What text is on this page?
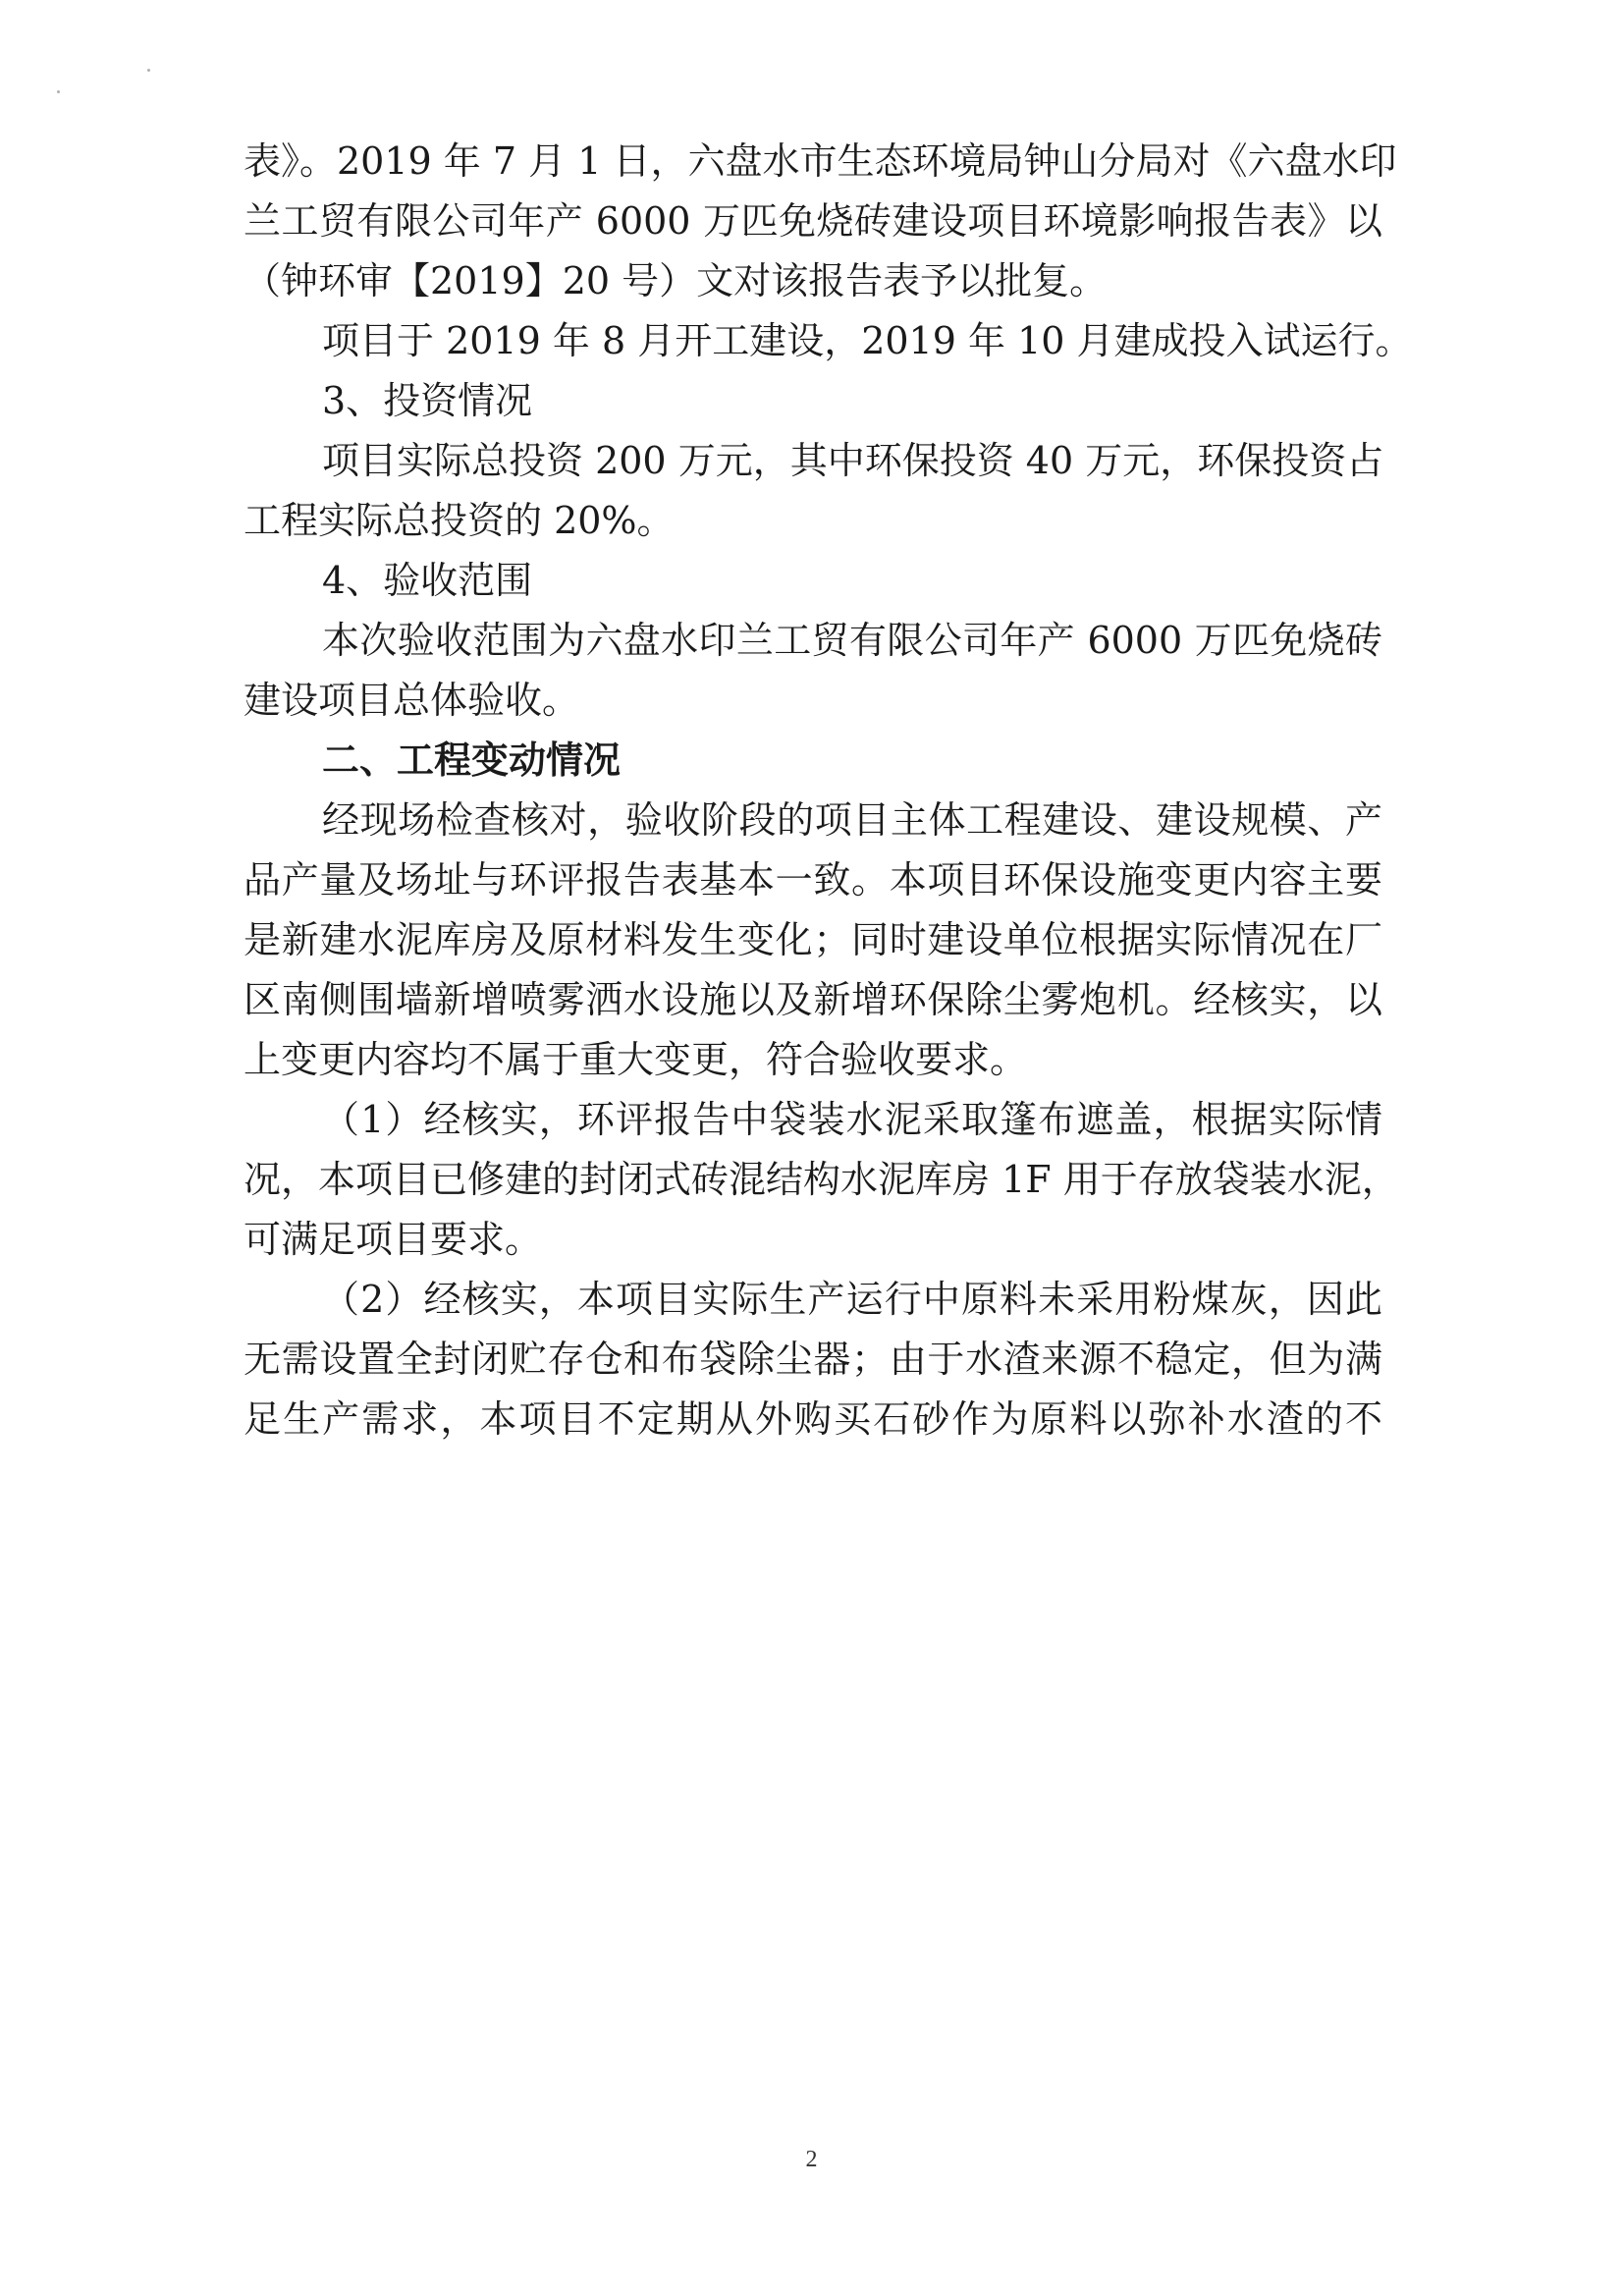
表》。2019 年 7 月 1 日，六盘水市生态环境局钟山分局对《六盘水印
兰工贸有限公司年产 6000 万匹免烧砖建设项目环境影响报告表》以
（钟环审【2019】20 号）文对该报告表予以批复。
项目于 2019 年 8 月开工建设，2019 年 10 月建成投入试运行。
3、投资情况
项目实际总投资 200 万元，其中环保投资 40 万元，环保投资占
工程实际总投资的 20%。
4、验收范围
本次验收范围为六盘水印兰工贸有限公司年产 6000 万匹免烧砖
建设项目总体验收。
二、工程变动情况
经现场检查核对，验收阶段的项目主体工程建设、建设规模、产
品产量及场址与环评报告表基本一致。本项目环保设施变更内容主要
是新建水泥库房及原材料发生变化；同时建设单位根据实际情况在厂
区南侧围墙新增喷雾洒水设施以及新增环保除尘雾炮机。经核实，以
上变更内容均不属于重大变更，符合验收要求。
（1）经核实，环评报告中袋装水泥采取篷布遮盖，根据实际情
况，本项目已修建的封闭式砖混结构水泥库房 1F 用于存放袋装水泥，
可满足项目要求。
（2）经核实，本项目实际生产运行中原料未采用粉煤灰，因此
无需设置全封闭贮存仓和布袋除尘器；由于水渣来源不稳定，但为满
足生产需求，本项目不定期从外购买石砂作为原料以弥补水渣的不
2
